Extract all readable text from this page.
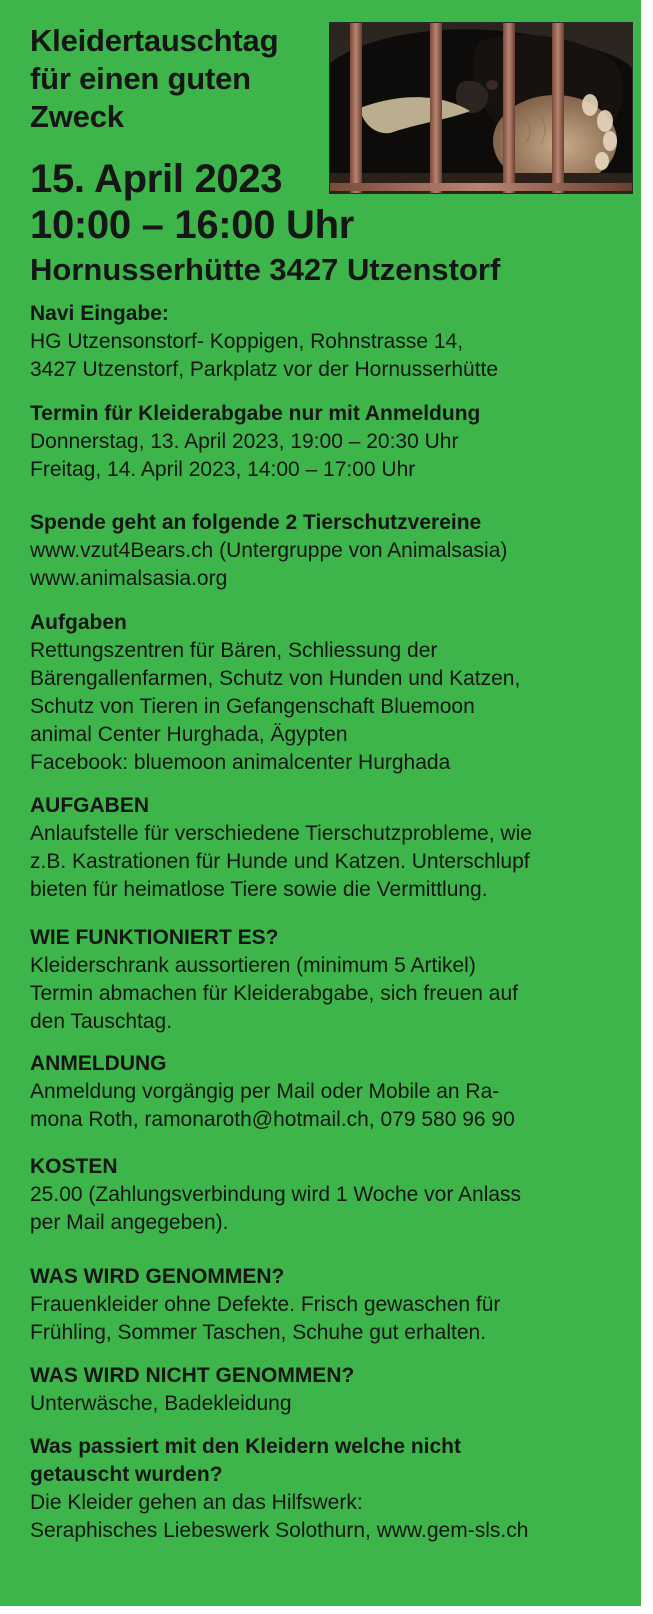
Kleidertauschtag
für einen guten
Zweck
15. April 2023
10:00 – 16:00 Uhr
Hornusserhütte 3427 Utzenstorf
Navi Eingabe:

HG Utzensonstorf- Koppigen, Rohnstrasse 14,

3427 Utzenstorf, Parkplatz vor der Hornusserhütte

Termin für Kleiderabgabe nur mit Anmeldung

Donnerstag, 13. April 2023, 19:00 – 20:30 Uhr

Freitag, 14. April 2023, 14:00 – 17:00 Uhr

Spende geht an folgende 2 Tierschutzvereine

www.vzut4Bears.ch (Untergruppe von Animalsasia)

www.animalsasia.org

Aufgaben

Rettungszentren für Bären, Schliessung der

Bärengallenfarmen, Schutz von Hunden und Katzen,

Schutz von Tieren in Gefangenschaft Bluemoon

animal Center Hurghada, Ägypten

Facebook: bluemoon animalcenter Hurghada

AUFGABEN

Anlaufstelle für verschiedene Tierschutzprobleme, wie

z.B. Kastrationen für Hunde und Katzen. Unterschlupf

bieten für heimatlose Tiere sowie die Vermittlung.

WIE FUNKTIONIERT ES?

Kleiderschrank aussortieren (minimum 5 Artikel)

Termin abmachen für Kleiderabgabe, sich freuen auf

den Tauschtag.

ANMELDUNG

Anmeldung vorgängig per Mail oder Mobile an Ra-

mona Roth, ramonaroth@hotmail.ch, 079 580 96 90

KOSTEN

25.00 (Zahlungsverbindung wird 1 Woche vor Anlass

per Mail angegeben).

WAS WIRD GENOMMEN?

Frauenkleider ohne Defekte. Frisch gewaschen für

Frühling, Sommer Taschen, Schuhe gut erhalten.

WAS WIRD NICHT GENOMMEN?

Unterwäsche, Badekleidung

Was passiert mit den Kleidern welche nicht
getauscht wurden?

Die Kleider gehen an das Hilfswerk:

Seraphisches Liebeswerk Solothurn, www.gem-sls.ch
